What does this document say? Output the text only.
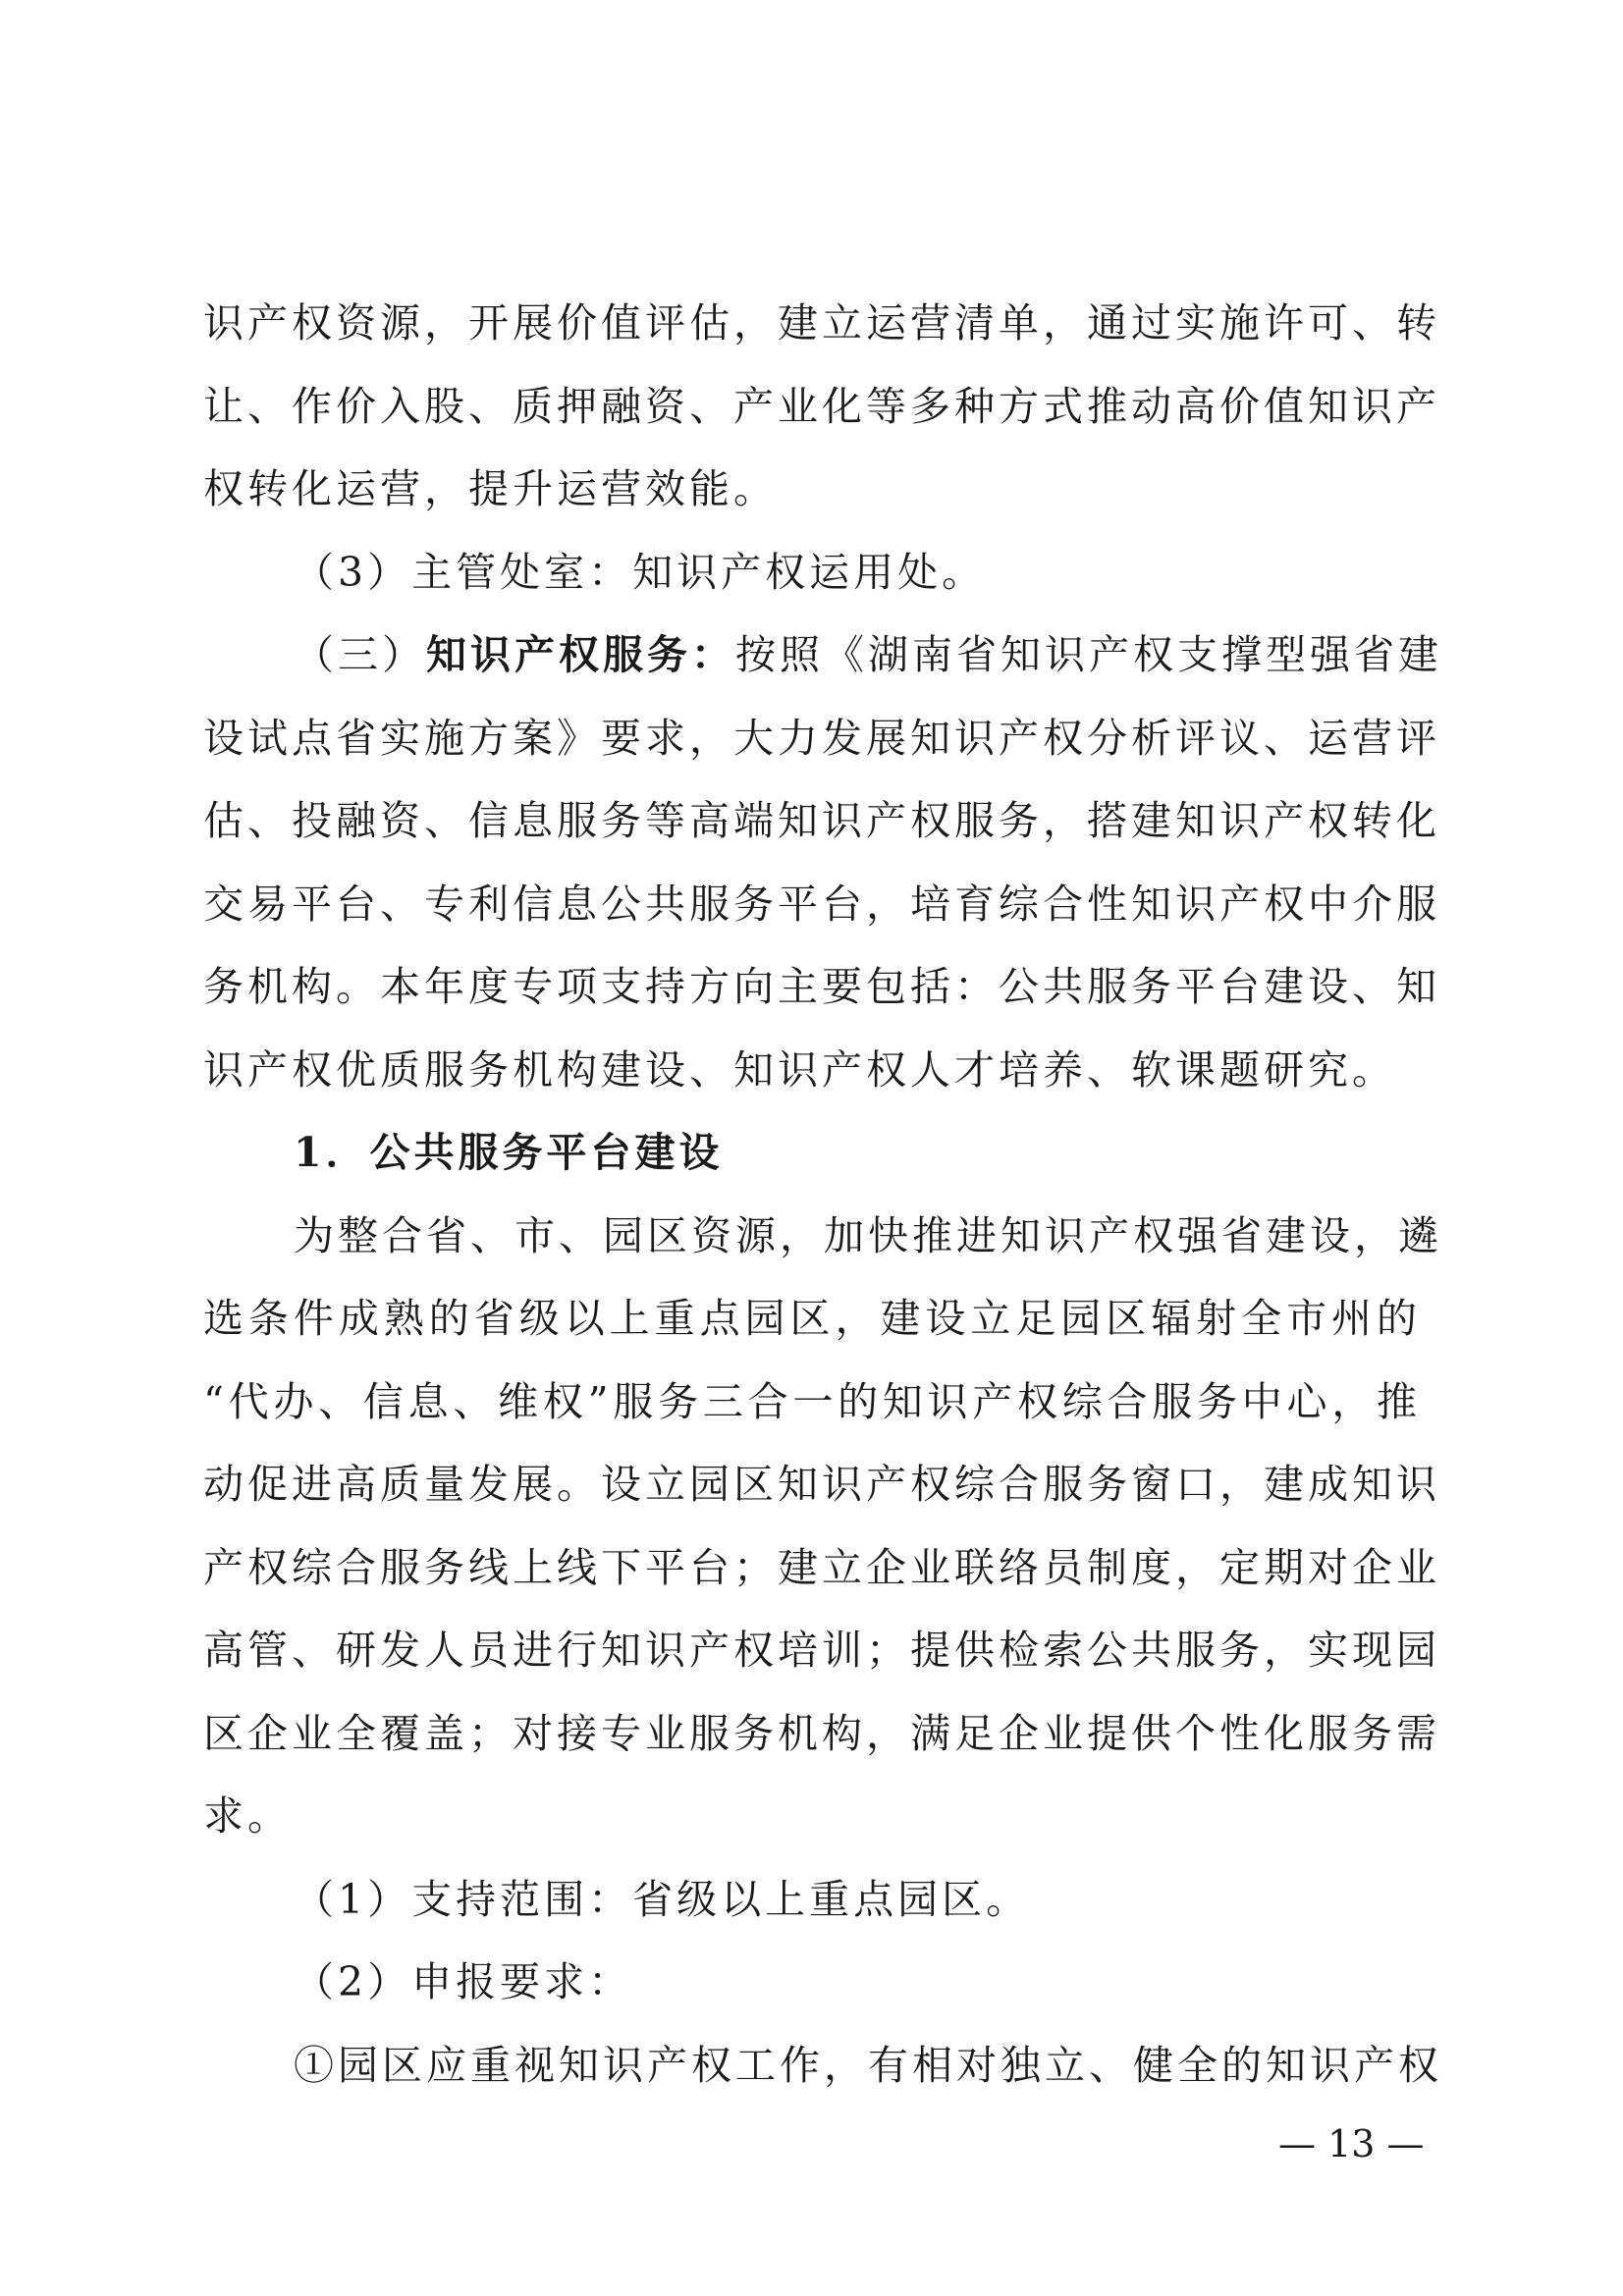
识产权资源，开展价值评估，建立运营清单，通过实施许可、转
让、作价入股、质押融资、产业化等多种方式推动高价值知识产
权转化运营，提升运营效能。
（3）主管处室：知识产权运用处。
（三）知识产权服务：按照《湖南省知识产权支撑型强省建
设试点省实施方案》要求，大力发展知识产权分析评议、运营评
估、投融资、信息服务等高端知识产权服务，搭建知识产权转化
交易平台、专利信息公共服务平台，培育综合性知识产权中介服
务机构。本年度专项支持方向主要包括：公共服务平台建设、知
识产权优质服务机构建设、知识产权人才培养、软课题研究。
1．公共服务平台建设
为整合省、市、园区资源，加快推进知识产权强省建设，遴
选条件成熟的省级以上重点园区，建设立足园区辐射全市州的
“代办、信息、维权”服务三合一的知识产权综合服务中心，推
动促进高质量发展。设立园区知识产权综合服务窗口，建成知识
产权综合服务线上线下平台；建立企业联络员制度，定期对企业
高管、研发人员进行知识产权培训；提供检索公共服务，实现园
区企业全覆盖；对接专业服务机构，满足企业提供个性化服务需
求。
（1）支持范围：省级以上重点园区。
（2）申报要求：
①园区应重视知识产权工作，有相对独立、健全的知识产权
— 13 —
